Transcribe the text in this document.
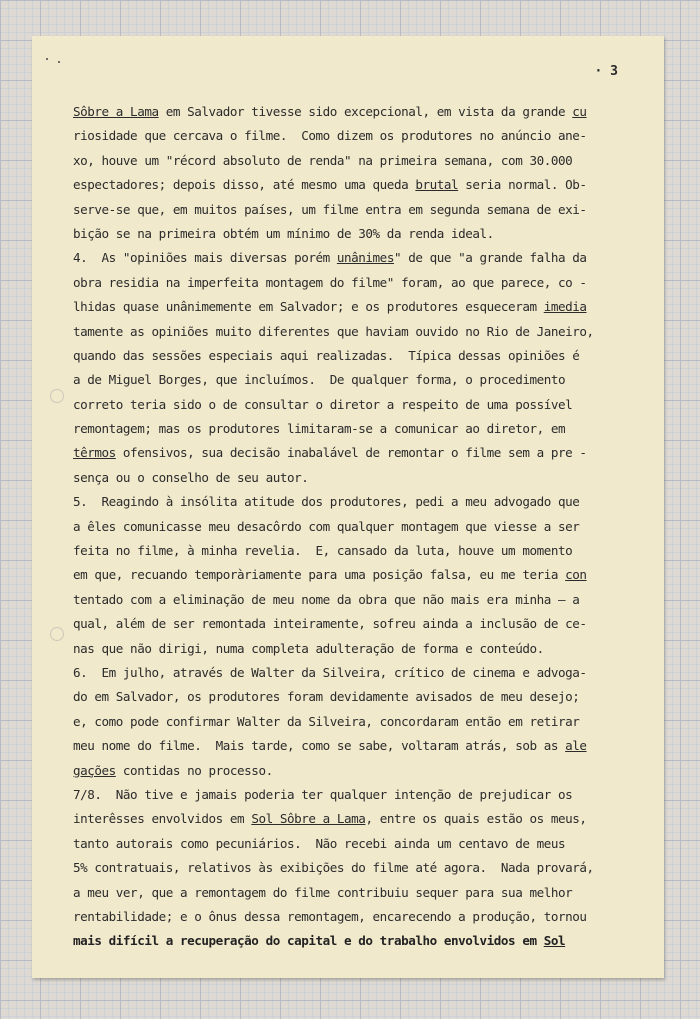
· 3
Sôbre a Lama em Salvador tivesse sido excepcional, em vista da grande cu
riosidade que cercava o filme.  Como dizem os produtores no anúncio ane-
xo, houve um "récord absoluto de renda" na primeira semana, com 30.000
espectadores; depois disso, até mesmo uma queda brutal seria normal. Ob-
serve-se que, em muitos países, um filme entra em segunda semana de exi-
bição se na primeira obtém um mínimo de 30% da renda ideal.
4.  As "opiniões mais diversas porém unânimes" de que "a grande falha da
obra residia na imperfeita montagem do filme" foram, ao que parece, co -
lhidas quase unânimemente em Salvador; e os produtores esqueceram imedia
tamente as opiniões muito diferentes que haviam ouvido no Rio de Janeiro,
quando das sessões especiais aqui realizadas.  Típica dessas opiniões é
a de Miguel Borges, que incluímos.  De qualquer forma, o procedimento
correto teria sido o de consultar o diretor a respeito de uma possível
remontagem; mas os produtores limitaram-se a comunicar ao diretor, em
têrmos ofensivos, sua decisão inabalável de remontar o filme sem a pre -
sença ou o conselho de seu autor.
5.  Reagindo à insólita atitude dos produtores, pedi a meu advogado que
a êles comunicasse meu desacôrdo com qualquer montagem que viesse a ser
feita no filme, à minha revelia.  E, cansado da luta, houve um momento
em que, recuando temporàriamente para uma posição falsa, eu me teria con
tentado com a eliminação de meu nome da obra que não mais era minha — a
qual, além de ser remontada inteiramente, sofreu ainda a inclusão de ce-
nas que não dirigi, numa completa adulteração de forma e conteúdo.
6.  Em julho, através de Walter da Silveira, crítico de cinema e advoga-
do em Salvador, os produtores foram devidamente avisados de meu desejo;
e, como pode confirmar Walter da Silveira, concordaram então em retirar
meu nome do filme.  Mais tarde, como se sabe, voltaram atrás, sob as ale
gações contidas no processo.
7/8.  Não tive e jamais poderia ter qualquer intenção de prejudicar os
interêsses envolvidos em Sol Sôbre a Lama, entre os quais estão os meus,
tanto autorais como pecuniários.  Não recebi ainda um centavo de meus
5% contratuais, relativos às exibições do filme até agora.  Nada provará,
a meu ver, que a remontagem do filme contribuiu sequer para sua melhor
rentabilidade; e o ônus dessa remontagem, encarecendo a produção, tornou
mais difícil a recuperação do capital e do trabalho envolvidos em Sol
